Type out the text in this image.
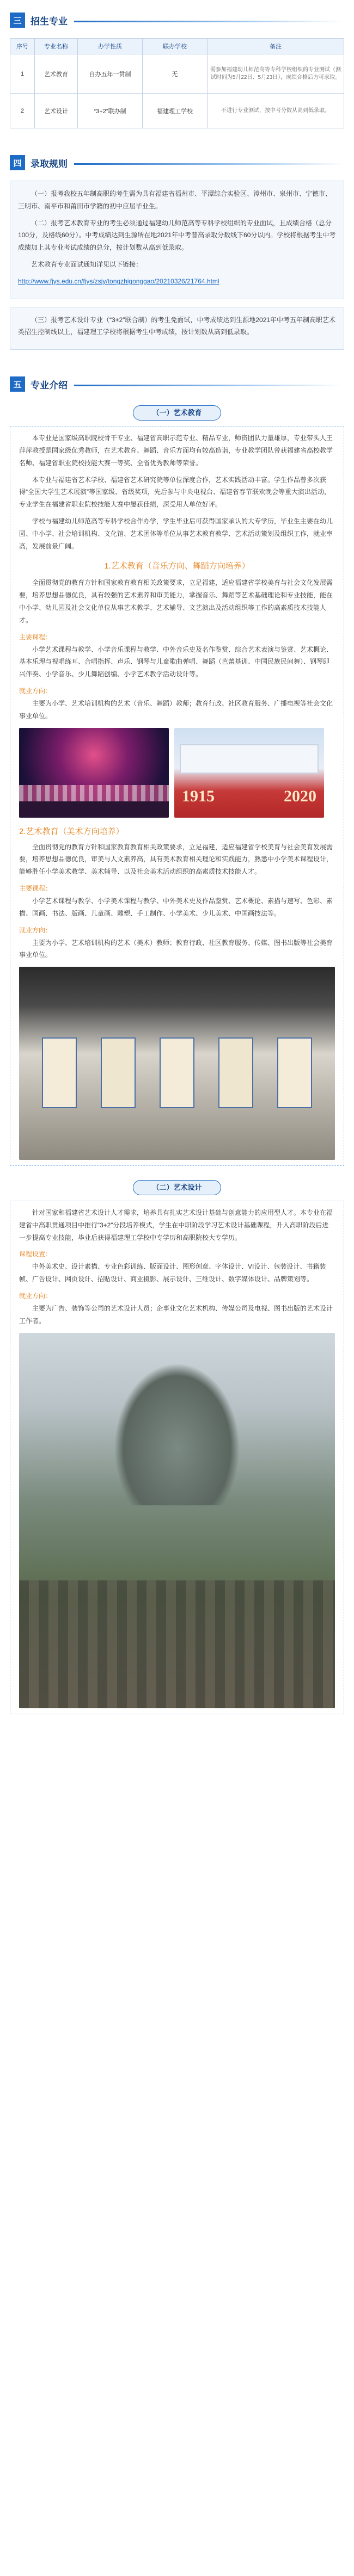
三 招生专业
序号	专业名称	办学性质	联办学校	备注
1	艺术教育	自办五年一贯制	无	需参加福建幼儿师范高等专科学校组织的专业测试（测试时间为5月22日、5月23日），成绩合格后方可录取。
2	艺术设计	“3+2”联办制	福建理工学校	不进行专业测试，按中考分数从高到低录取。
四 录取规则

（一）报考我校五年制高职的考生需为具有福建省福州市、平潭综合实验区、漳州市、泉州市、宁德市、三明市、南平市和莆田市学籍的初中应届毕业生。

（二）报考艺术教育专业的考生必须通过福建幼儿师范高等专科学校组织的专业面试，且成绩合格（总分100分，及格线60分）。中考成绩达到生源所在地2021年中考普高录取分数线下60分以内。学校将根据考生中考成绩加上其专业考试成绩的总分，按计划数从高到低录取。

艺术教育专业面试通知详见以下链接：

http://www.fjys.edu.cn/fjys/zsjy/tongzhigonggao/20210326/21764.html

（三）报考艺术设计专业（“3+2”联合制）的考生免面试，中考成绩达到生源地2021年中考五年制高职艺术类招生控制线以上，福建理工学校将根据考生中考成绩，按计划数从高到低录取。

五 专业介绍
（一）艺术教育

本专业是国家级高职院校骨干专业、福建省高职示范专业、精品专业，师资团队力量雄厚，专业带头人王萍萍教授是国家级优秀教师，在艺术教育、舞蹈、音乐方面均有较高造诣，专业教学团队曾获福建省高校教学名师、福建省职业院校技能大赛一等奖、全省优秀教师等荣誉。

本专业与福建省艺术学校、福建省艺术研究院等单位深度合作，艺术实践活动丰富。学生作品曾多次获得“全国大学生艺术展演”等国家级、省级奖项，先后参与中央电视台、福建省春节联欢晚会等重大演出活动，专业学生在福建省职业院校技能大赛中屡获佳绩，深受用人单位好评。

学校与福建幼儿师范高等专科学校合作办学，学生毕业后可获得国家承认的大专学历，毕业生主要在幼儿园、中小学、社会培训机构、文化馆、艺术团体等单位从事艺术教育教学、艺术活动策划及组织工作，就业率高，发展前景广阔。

1.艺术教育（音乐方向、舞蹈方向培养）

全面贯彻党的教育方针和国家教育教育相关政策要求，立足福建，适应福建省学校美育与社会文化发展需要，培养思想品德优良，具有较强的艺术素养和审美能力，掌握音乐、舞蹈等艺术基础理论和专业技能，能在中小学、幼儿园及社会文化单位从事艺术教学、艺术辅导、文艺演出及活动组织等工作的高素质技术技能人才。

主要课程：

小学艺术课程与教学、小学音乐课程与教学、中外音乐史及名作鉴赏、综合艺术表演与鉴赏、艺术概论、基本乐理与视唱练耳、合唱指挥、声乐、钢琴与儿童歌曲弹唱、舞蹈（芭蕾基训、中国民族民间舞）、钢琴即兴伴奏、小学音乐、少儿舞蹈创编、小学艺术教学活动设计等。

就业方向：

主要为小学、艺术培训机构的艺术（音乐、舞蹈）教师；教育行政、社区教育服务、广播电视等社会文化事业单位。

1915	2020
2.艺术教育（美术方向培养）

全面贯彻党的教育方针和国家教育教育相关政策要求，立足福建，适应福建省学校美育与社会美育发展需要，培养思想品德优良，审美与人文素养高，具有美术教育相关理论和实践能力，熟悉中小学美术课程设计，能够胜任小学美术教学、美术辅导、以及社会美术活动组织的高素质技术技能人才。

主要课程：

小学艺术课程与教学、小学美术课程与教学、中外美术史及作品鉴赏、艺术概论、素描与速写、色彩、素描、国画、书法、版画、儿童画、雕塑、手工制作、小学美术、少儿美术、中国画技法等。

就业方向：

主要为小学、艺术培训机构的艺术（美术）教师；教育行政、社区教育服务、传媒、图书出版等社会美育事业单位。

（二）艺术设计

针对国家和福建省艺术设计人才需求，培养具有扎实艺术设计基础与创意能力的应用型人才。本专业在福建省中高职贯通项目中推行“3+2”分段培养模式，学生在中职阶段学习艺术设计基础课程，升入高职阶段后进一步提高专业技能，毕业后获得福建理工学校中专学历和高职院校大专学历。

课程设置：

中外美术史、设计素描、专业色彩训练、版面设计、图形创意、字体设计、VI设计、包装设计、书籍装帧、广告设计、网页设计、招贴设计、商业摄影、展示设计、三维设计、数字媒体设计、品牌策划等。

就业方向：

主要为广告、装饰等公司的艺术设计人员；企事业文化艺术机构、传媒公司及电视、图书出版的艺术设计工作者。
